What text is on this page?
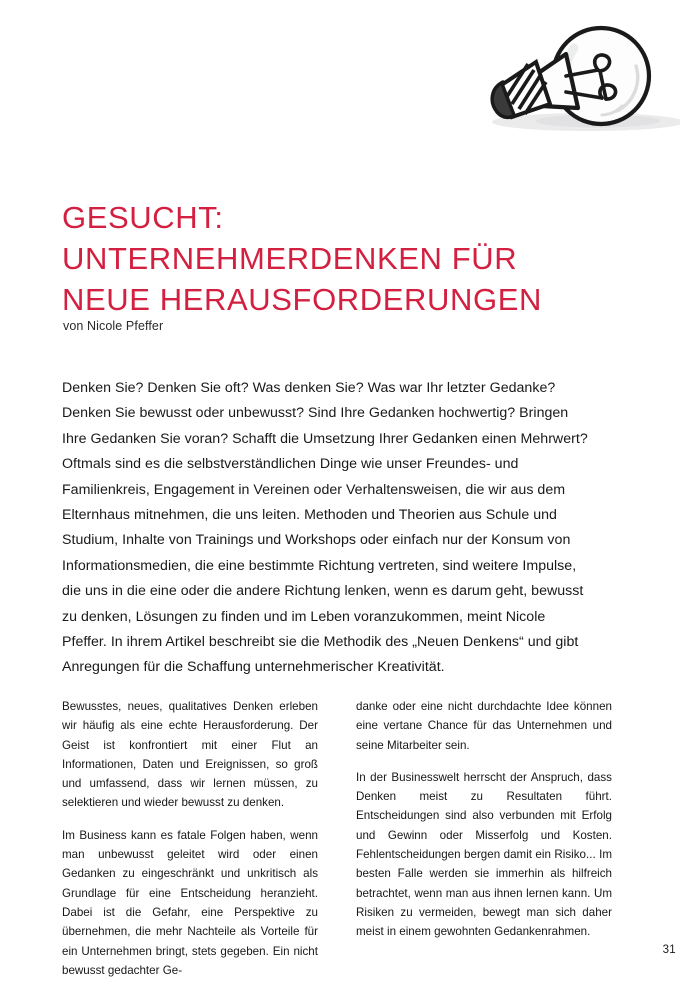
GESUCHT:
UNTERNEHMERDENKEN FÜR
NEUE HERAUSFORDERUNGEN
von Nicole Pfeffer
Denken Sie? Denken Sie oft? Was denken Sie? Was war Ihr letzter Gedanke? Denken Sie bewusst oder unbewusst? Sind Ihre Gedanken hochwertig? Bringen Ihre Gedanken Sie voran? Schafft die Umsetzung Ihrer Gedanken einen Mehrwert? Oftmals sind es die selbstverständlichen Dinge wie unser Freundes- und Familienkreis, Engagement in Vereinen oder Verhaltensweisen, die wir aus dem Elternhaus mitnehmen, die uns leiten. Methoden und Theorien aus Schule und Studium, Inhalte von Trainings und Workshops oder einfach nur der Konsum von Informationsmedien, die eine bestimmte Richtung vertreten, sind weitere Impulse, die uns in die eine oder die andere Richtung lenken, wenn es darum geht, bewusst zu denken, Lösungen zu finden und im Leben voranzukommen, meint Nicole Pfeffer. In ihrem Artikel beschreibt sie die Methodik des „Neuen Denkens“ und gibt Anregungen für die Schaffung unternehmerischer Kreativität.

Bewusstes, neues, qualitatives Denken erleben wir häufig als eine echte Herausforderung. Der Geist ist konfrontiert mit einer Flut an Informationen, Daten und Ereignissen, so groß und umfassend, dass wir lernen müssen, zu selektieren und wieder bewusst zu denken.

Im Business kann es fatale Folgen haben, wenn man unbewusst geleitet wird oder einen Gedanken zu eingeschränkt und unkritisch als Grundlage für eine Entscheidung heranzieht. Dabei ist die Gefahr, eine Perspektive zu übernehmen, die mehr Nachteile als Vorteile für ein Unternehmen bringt, stets gegeben. Ein nicht bewusst gedachter Ge-

danke oder eine nicht durchdachte Idee können eine vertane Chance für das Unternehmen und seine Mitarbeiter sein.

In der Businesswelt herrscht der Anspruch, dass Denken meist zu Resultaten führt. Entscheidungen sind also verbunden mit Erfolg und Gewinn oder Misserfolg und Kosten. Fehlentscheidungen bergen damit ein Risiko... Im besten Falle werden sie immerhin als hilfreich betrachtet, wenn man aus ihnen lernen kann. Um Risiken zu vermeiden, bewegt man sich daher meist in einem gewohnten Gedankenrahmen.

31
